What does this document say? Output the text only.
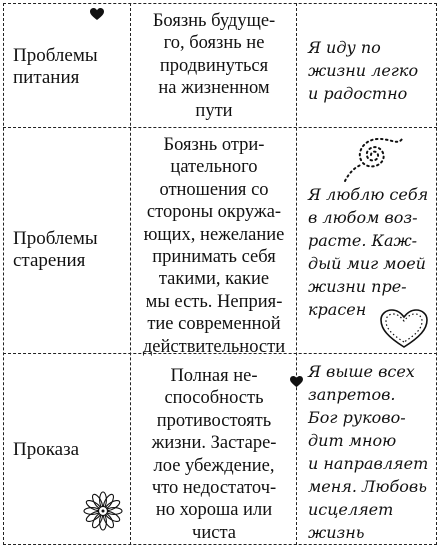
Проблемы питания
Боязнь будуще-
го, боязнь не
продвинуться
на жизненном
пути
Я иду по
жизни легко
и радостно
Проблемы старения
Боязнь отри-
цательного
отношения со
стороны окружа-
ющих, нежелание
принимать себя
такими, какие
мы есть. Неприя-
тие современной
действительности
Я люблю себя
в любом воз-
расте. Каж-
дый миг моей
жизни пре-
красен
Проказа
Полная не-
способность
противостоять
жизни. Застаре-
лое убеждение,
что недостаточ-
но хороша или
чиста
Я выше всех
запретов.
Бог руково-
дит мною
и направляет
меня. Любовь
исцеляет
жизнь
